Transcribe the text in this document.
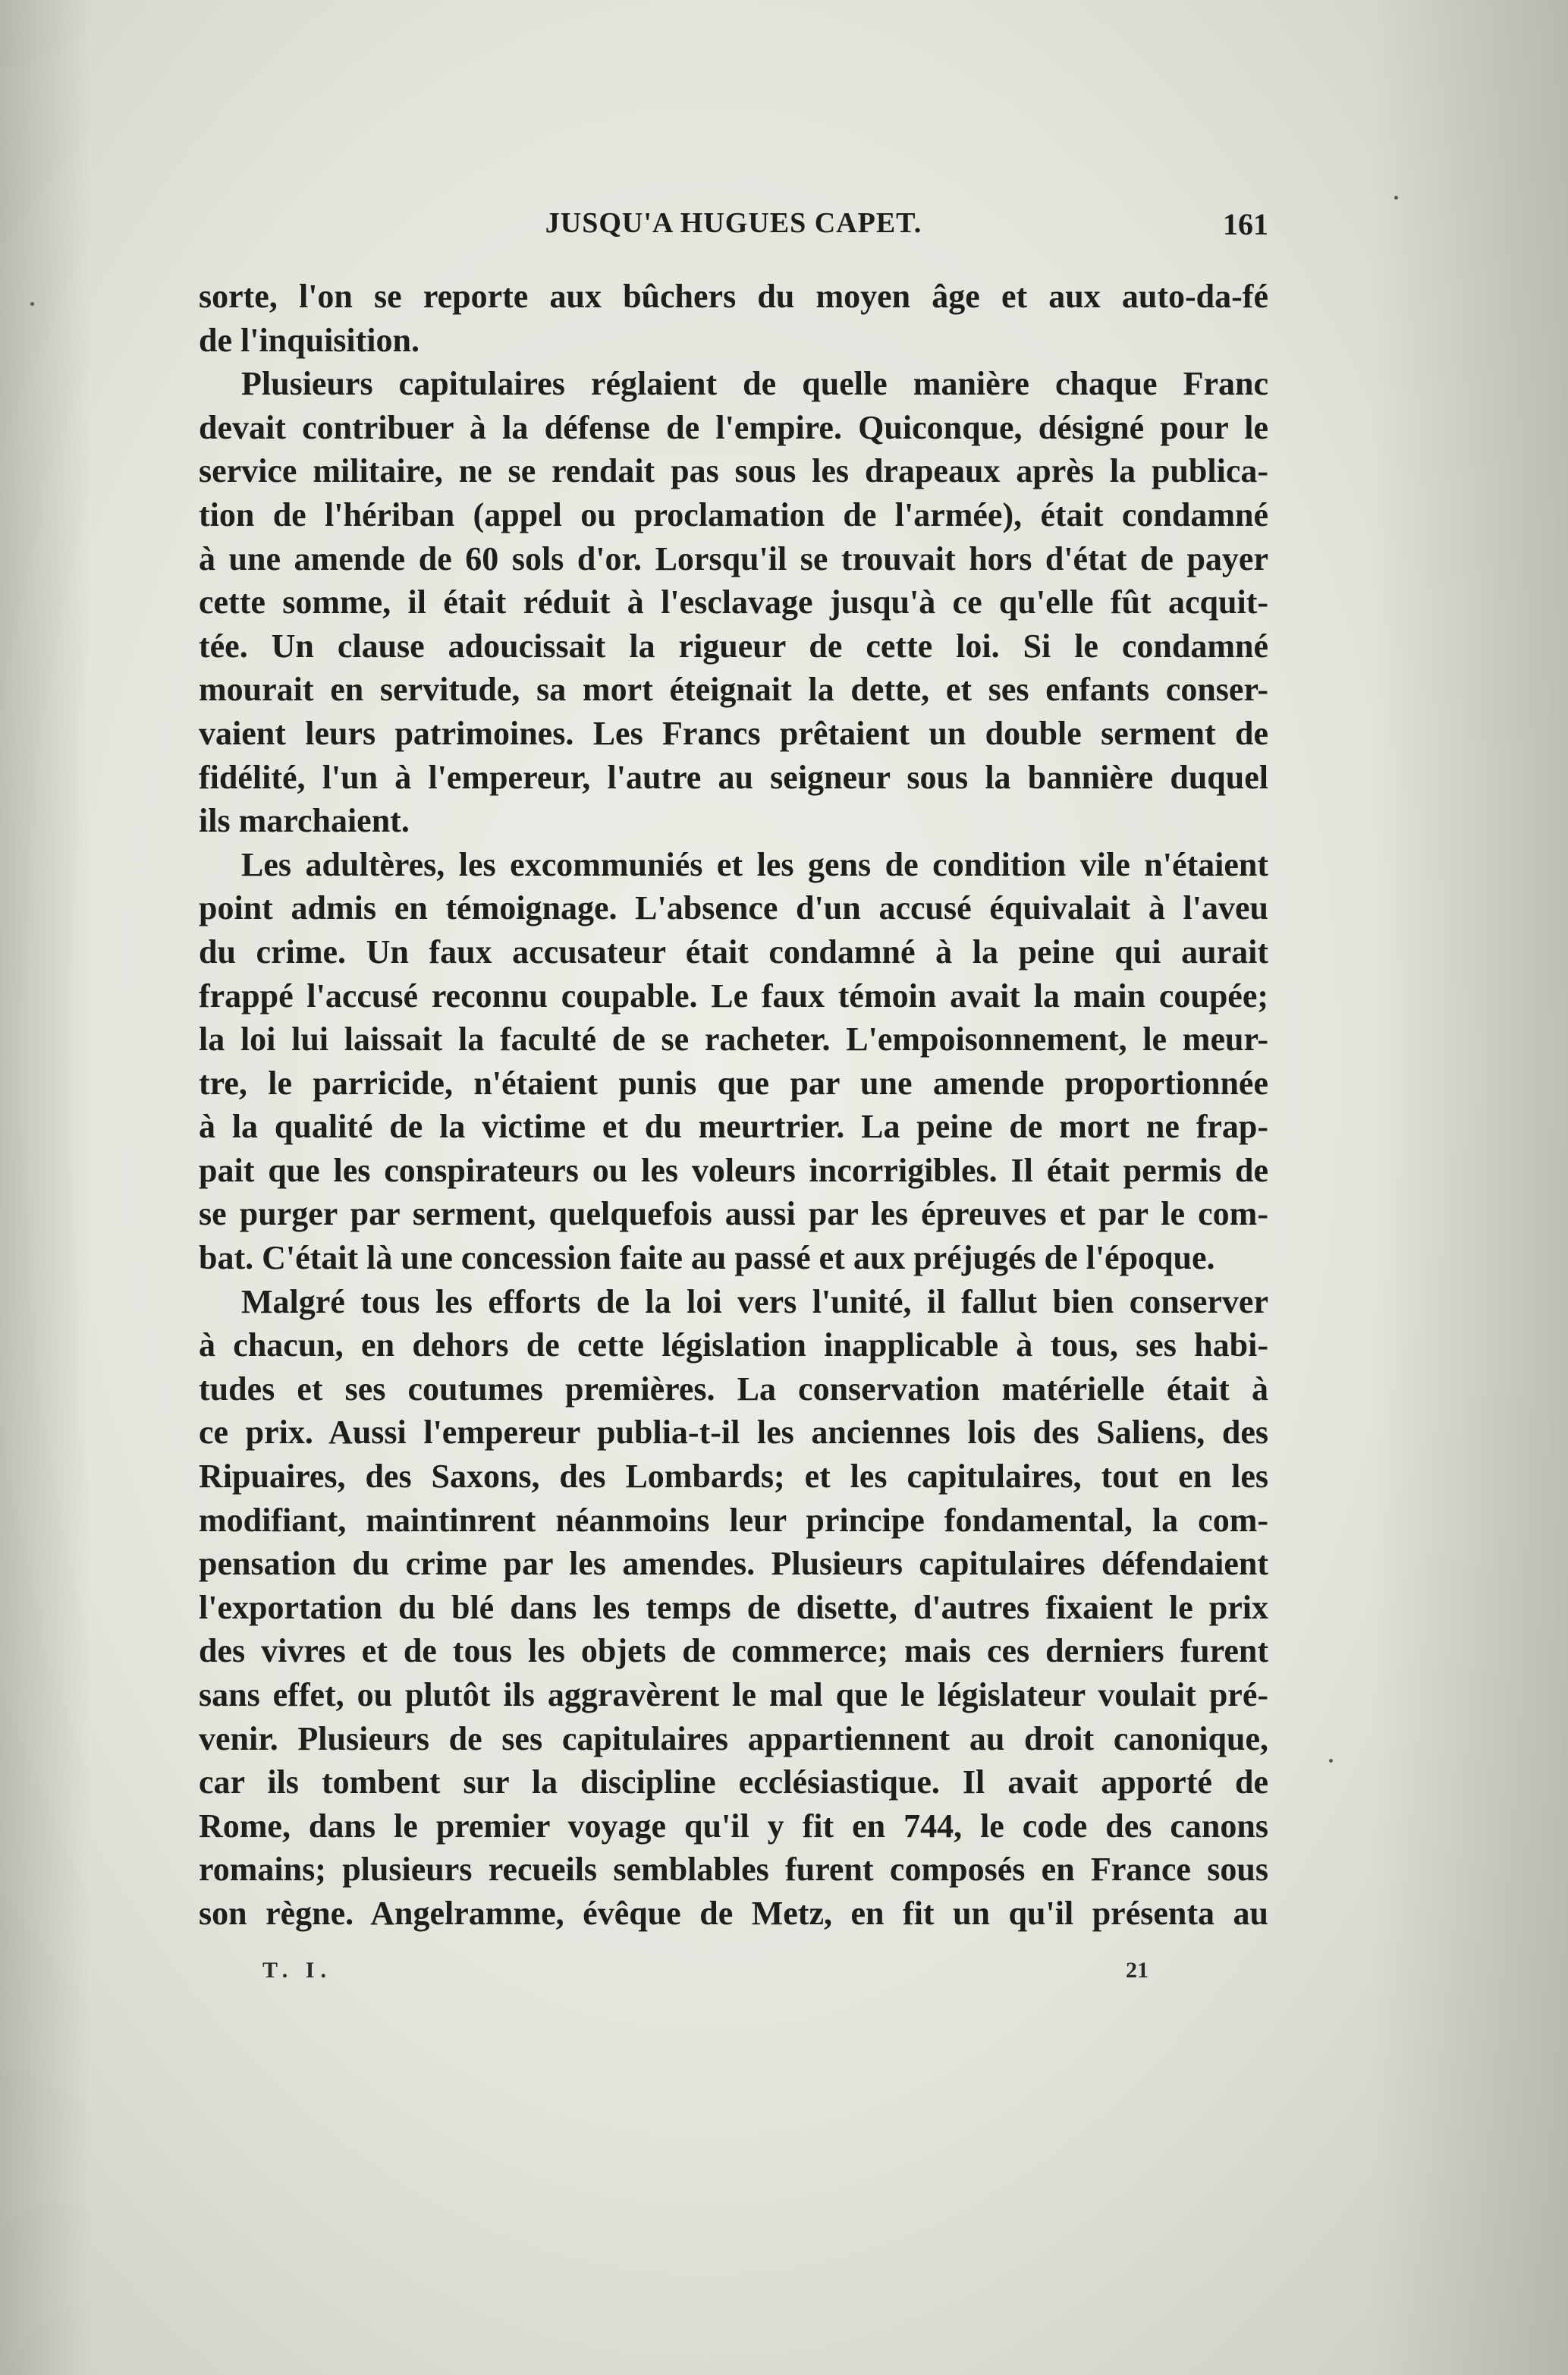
JUSQU'A HUGUES CAPET.	161
sorte, l'on se reporte aux bûchers du moyen âge et aux auto-da-fé
de l'inquisition.
Plusieurs capitulaires réglaient de quelle manière chaque Franc
devait contribuer à la défense de l'empire. Quiconque, désigné pour le
service militaire, ne se rendait pas sous les drapeaux après la publica-
tion de l'hériban (appel ou proclamation de l'armée), était condamné
à une amende de 60 sols d'or. Lorsqu'il se trouvait hors d'état de payer
cette somme, il était réduit à l'esclavage jusqu'à ce qu'elle fût acquit-
tée. Un clause adoucissait la rigueur de cette loi. Si le condamné
mourait en servitude, sa mort éteignait la dette, et ses enfants conser-
vaient leurs patrimoines. Les Francs prêtaient un double serment de
fidélité, l'un à l'empereur, l'autre au seigneur sous la bannière duquel
ils marchaient.
Les adultères, les excommuniés et les gens de condition vile n'étaient
point admis en témoignage. L'absence d'un accusé équivalait à l'aveu
du crime. Un faux accusateur était condamné à la peine qui aurait
frappé l'accusé reconnu coupable. Le faux témoin avait la main coupée;
la loi lui laissait la faculté de se racheter. L'empoisonnement, le meur-
tre, le parricide, n'étaient punis que par une amende proportionnée
à la qualité de la victime et du meurtrier. La peine de mort ne frap-
pait que les conspirateurs ou les voleurs incorrigibles. Il était permis de
se purger par serment, quelquefois aussi par les épreuves et par le com-
bat. C'était là une concession faite au passé et aux préjugés de l'époque.
Malgré tous les efforts de la loi vers l'unité, il fallut bien conserver
à chacun, en dehors de cette législation inapplicable à tous, ses habi-
tudes et ses coutumes premières. La conservation matérielle était à
ce prix. Aussi l'empereur publia-t-il les anciennes lois des Saliens, des
Ripuaires, des Saxons, des Lombards; et les capitulaires, tout en les
modifiant, maintinrent néanmoins leur principe fondamental, la com-
pensation du crime par les amendes. Plusieurs capitulaires défendaient
l'exportation du blé dans les temps de disette, d'autres fixaient le prix
des vivres et de tous les objets de commerce; mais ces derniers furent
sans effet, ou plutôt ils aggravèrent le mal que le législateur voulait pré-
venir. Plusieurs de ses capitulaires appartiennent au droit canonique,
car ils tombent sur la discipline ecclésiastique. Il avait apporté de
Rome, dans le premier voyage qu'il y fit en 744, le code des canons
romains; plusieurs recueils semblables furent composés en France sous
son règne. Angelramme, évêque de Metz, en fit un qu'il présenta au
T. I.	21
